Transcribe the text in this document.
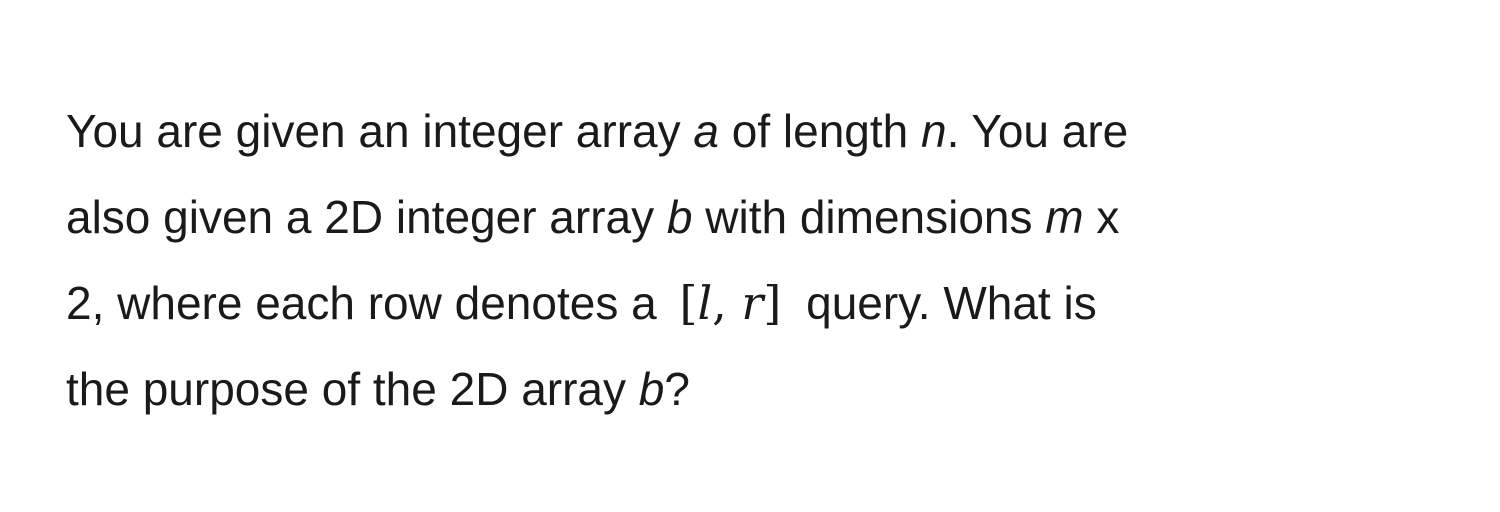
You are given an integer array a of length n. You are
also given a 2D integer array b with dimensions m x
2, where each row denotes a [l, r] query. What is
the purpose of the 2D array b?
